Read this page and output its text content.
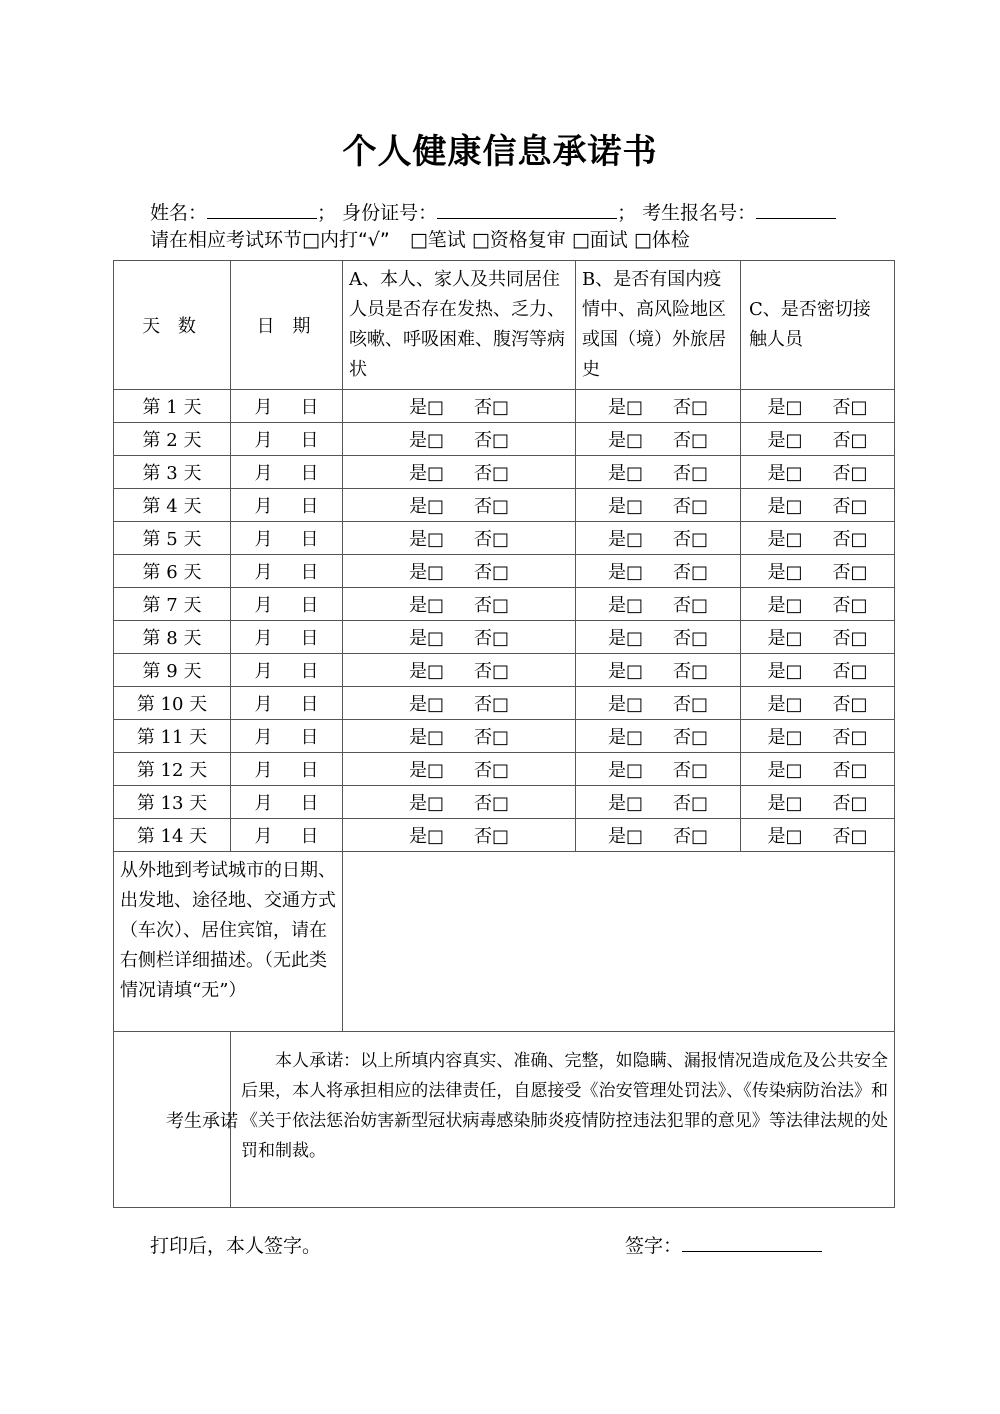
个人健康信息承诺书
姓名：	； 身份证号：	； 考生报名号：
请在相应考试环节□内打“√” □笔试 □资格复审 □面试 □体检
天 数	日 期	A、本人、家人及共同居住人员是否存在发热、乏力、咳嗽、呼吸困难、腹泻等病状	B、是否有国内疫情中、高风险地区或国（境）外旅居史	C、是否密切接触人员
第 1 天	月 日	是□ 否□	是□ 否□	是□ 否□
第 2 天	月 日	是□ 否□	是□ 否□	是□ 否□
第 3 天	月 日	是□ 否□	是□ 否□	是□ 否□
第 4 天	月 日	是□ 否□	是□ 否□	是□ 否□
第 5 天	月 日	是□ 否□	是□ 否□	是□ 否□
第 6 天	月 日	是□ 否□	是□ 否□	是□ 否□
第 7 天	月 日	是□ 否□	是□ 否□	是□ 否□
第 8 天	月 日	是□ 否□	是□ 否□	是□ 否□
第 9 天	月 日	是□ 否□	是□ 否□	是□ 否□
第 10 天	月 日	是□ 否□	是□ 否□	是□ 否□
第 11 天	月 日	是□ 否□	是□ 否□	是□ 否□
第 12 天	月 日	是□ 否□	是□ 否□	是□ 否□
第 13 天	月 日	是□ 否□	是□ 否□	是□ 否□
第 14 天	月 日	是□ 否□	是□ 否□	是□ 否□
从外地到考试城市的日期、出发地、途径地、交通方式（车次）、居住宾馆，请在右侧栏详细描述。（无此类情况请填“无”）				
考生承诺	本人承诺：以上所填内容真实、准确、完整，如隐瞒、漏报情况造成危及公共安全后果，本人将承担相应的法律责任，自愿接受《治安管理处罚法》、《传染病防治法》和《关于依法惩治妨害新型冠状病毒感染肺炎疫情防控违法犯罪的意见》等法律法规的处罚和制裁。			
打印后，本人签字。	签字：
